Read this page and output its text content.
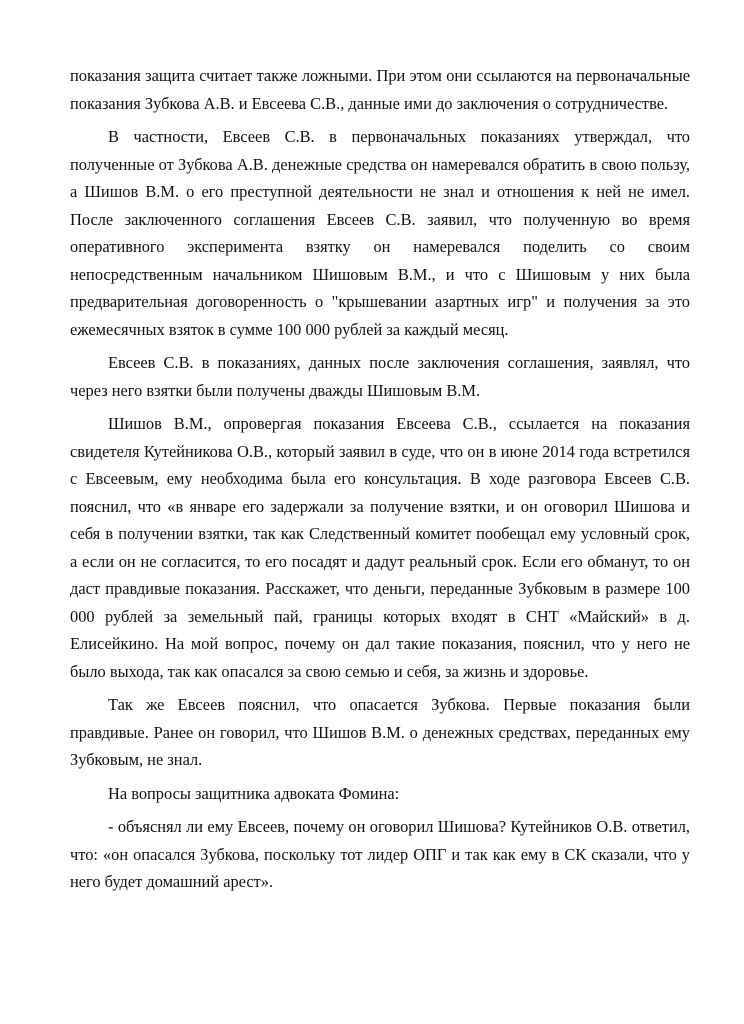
показания защита считает также ложными. При этом они ссылаются на первоначальные показания Зубкова А.В. и Евсеева С.В., данные ими до заключения о сотрудничестве.

В частности, Евсеев С.В. в первоначальных показаниях утверждал, что полученные от Зубкова А.В. денежные средства он намеревался обратить в свою пользу, а Шишов В.М. о его преступной деятельности не знал и отношения к ней не имел. После заключенного соглашения Евсеев С.В. заявил, что полученную во время оперативного эксперимента взятку он намеревался поделить со своим непосредственным начальником Шишовым В.М., и что с Шишовым у них была предварительная договоренность о "крышевании азартных игр" и получения за это ежемесячных взяток в сумме 100 000 рублей за каждый месяц.

Евсеев С.В. в показаниях, данных после заключения соглашения, заявлял, что через него взятки были получены дважды Шишовым В.М.

Шишов В.М., опровергая показания Евсеева С.В., ссылается на показания свидетеля Кутейникова О.В., который заявил в суде, что он в июне 2014 года встретился с Евсеевым, ему необходима была его консультация. В ходе разговора Евсеев С.В. пояснил, что «в январе его задержали за получение взятки, и он оговорил Шишова и себя в получении взятки, так как Следственный комитет пообещал ему условный срок, а если он не согласится, то его посадят и дадут реальный срок. Если его обманут, то он даст правдивые показания. Расскажет, что деньги, переданные Зубковым в размере 100 000 рублей за земельный пай, границы которых входят в СНТ «Майский» в д. Елисейкино. На мой вопрос, почему он дал такие показания, пояснил, что у него не было выхода, так как опасался за свою семью и себя, за жизнь и здоровье.

Так же Евсеев пояснил, что опасается Зубкова. Первые показания были правдивые. Ранее он говорил, что Шишов В.М. о денежных средствах, переданных ему Зубковым, не знал.

На вопросы защитника адвоката Фомина:

- объяснял ли ему Евсеев, почему он оговорил Шишова? Кутейников О.В. ответил, что: «он опасался Зубкова, поскольку тот лидер ОПГ и так как ему в СК сказали, что у него будет домашний арест».
